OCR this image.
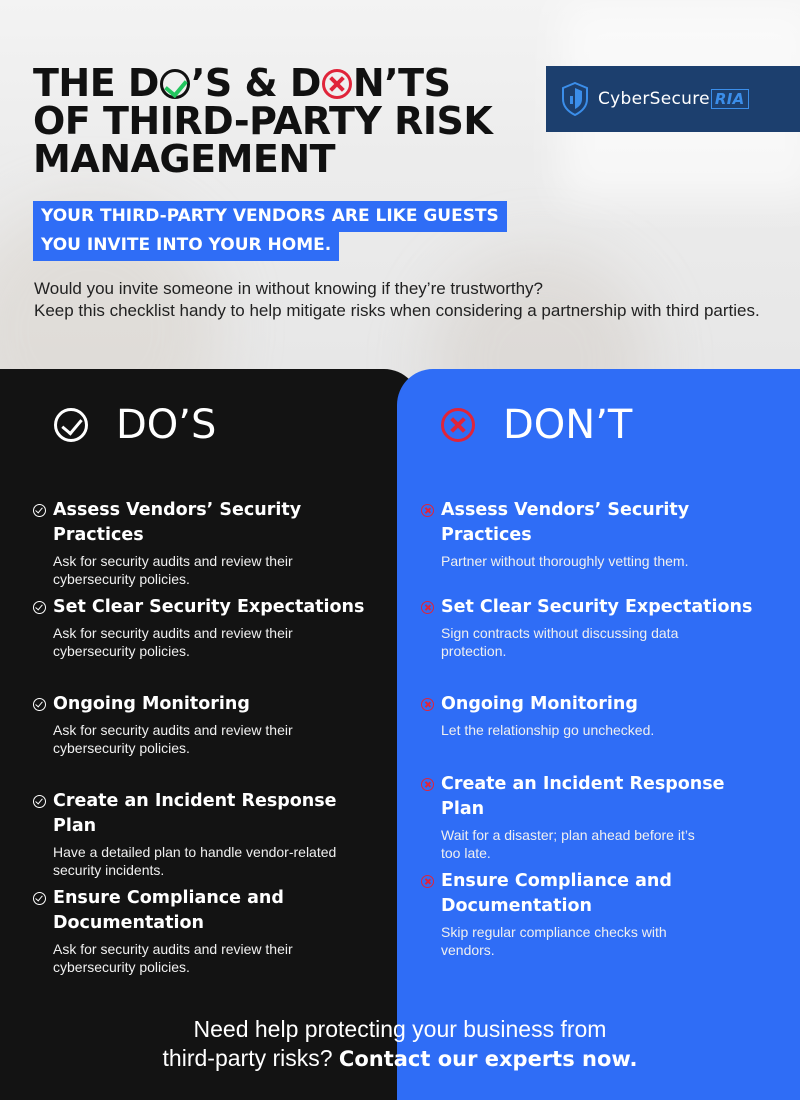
THE D ’S & D N’TS
OF THIRD-PARTY RISK
MANAGEMENT
CyberSecure RIA
YOUR THIRD-PARTY VENDORS ARE LIKE GUESTS
YOU INVITE INTO YOUR HOME.
Would you invite someone in without knowing if they’re trustworthy?
Keep this checklist handy to help mitigate risks when considering a partnership with third parties.
DO’S	DON’T
Assess Vendors’ Security Practices
Ask for security audits and review their cybersecurity policies.
Set Clear Security Expectations
Ask for security audits and review their cybersecurity policies.
Ongoing Monitoring
Ask for security audits and review their cybersecurity policies.
Create an Incident Response Plan
Have a detailed plan to handle vendor-related security incidents.
Ensure Compliance and Documentation
Ask for security audits and review their cybersecurity policies.
Assess Vendors’ Security Practices
Partner without thoroughly vetting them.
Set Clear Security Expectations
Sign contracts without discussing data protection.
Ongoing Monitoring
Let the relationship go unchecked.
Create an Incident Response Plan
Wait for a disaster; plan ahead before it’s too late.
Ensure Compliance and Documentation
Skip regular compliance checks with vendors.
Need help protecting your business from
third-party risks? Contact our experts now.
